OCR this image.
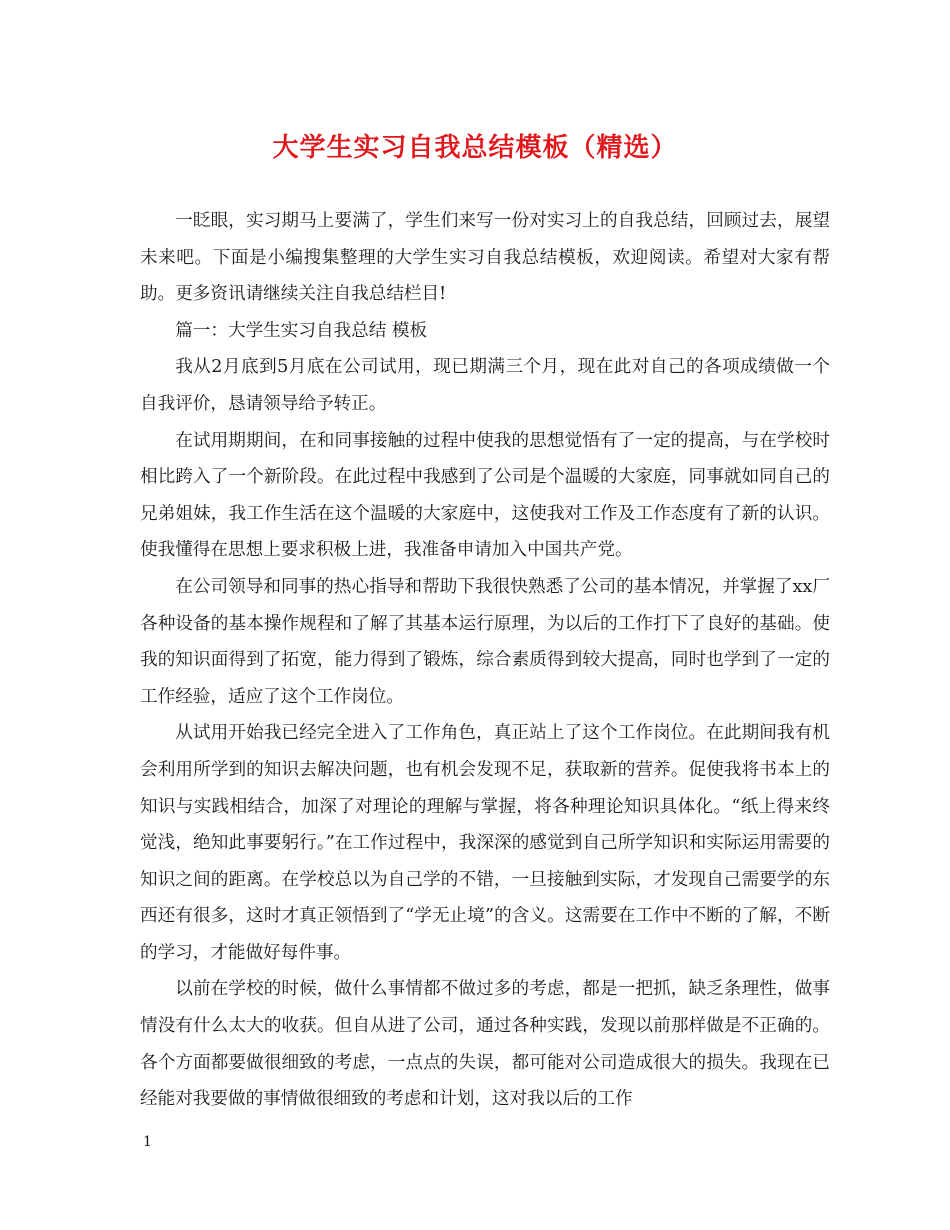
大学生实习自我总结模板（精选）

一眨眼，实习期马上要满了，学生们来写一份对实习上的自我总结，回顾过去，展望未来吧。下面是小编搜集整理的大学生实习自我总结模板，欢迎阅读。希望对大家有帮助。更多资讯请继续关注自我总结栏目!

篇一：大学生实习自我总结 模板

我从2月底到5月底在公司试用，现已期满三个月，现在此对自己的各项成绩做一个自我评价，恳请领导给予转正。

在试用期期间，在和同事接触的过程中使我的思想觉悟有了一定的提高，与在学校时相比跨入了一个新阶段。在此过程中我感到了公司是个温暖的大家庭，同事就如同自己的兄弟姐妹，我工作生活在这个温暖的大家庭中，这使我对工作及工作态度有了新的认识。使我懂得在思想上要求积极上进，我准备申请加入中国共产党。

在公司领导和同事的热心指导和帮助下我很快熟悉了公司的基本情况，并掌握了xx厂各种设备的基本操作规程和了解了其基本运行原理，为以后的工作打下了良好的基础。使我的知识面得到了拓宽，能力得到了锻炼，综合素质得到较大提高，同时也学到了一定的工作经验，适应了这个工作岗位。

从试用开始我已经完全进入了工作角色，真正站上了这个工作岗位。在此期间我有机会利用所学到的知识去解决问题，也有机会发现不足，获取新的营养。促使我将书本上的知识与实践相结合，加深了对理论的理解与掌握，将各种理论知识具体化。“纸上得来终觉浅，绝知此事要躬行。”在工作过程中，我深深的感觉到自己所学知识和实际运用需要的知识之间的距离。在学校总以为自己学的不错，一旦接触到实际，才发现自己需要学的东西还有很多，这时才真正领悟到了“学无止境”的含义。这需要在工作中不断的了解，不断的学习，才能做好每件事。

以前在学校的时候，做什么事情都不做过多的考虑，都是一把抓，缺乏条理性，做事情没有什么太大的收获。但自从进了公司，通过各种实践，发现以前那样做是不正确的。各个方面都要做很细致的考虑，一点点的失误，都可能对公司造成很大的损失。我现在已经能对我要做的事情做很细致的考虑和计划，这对我以后的工作

1
